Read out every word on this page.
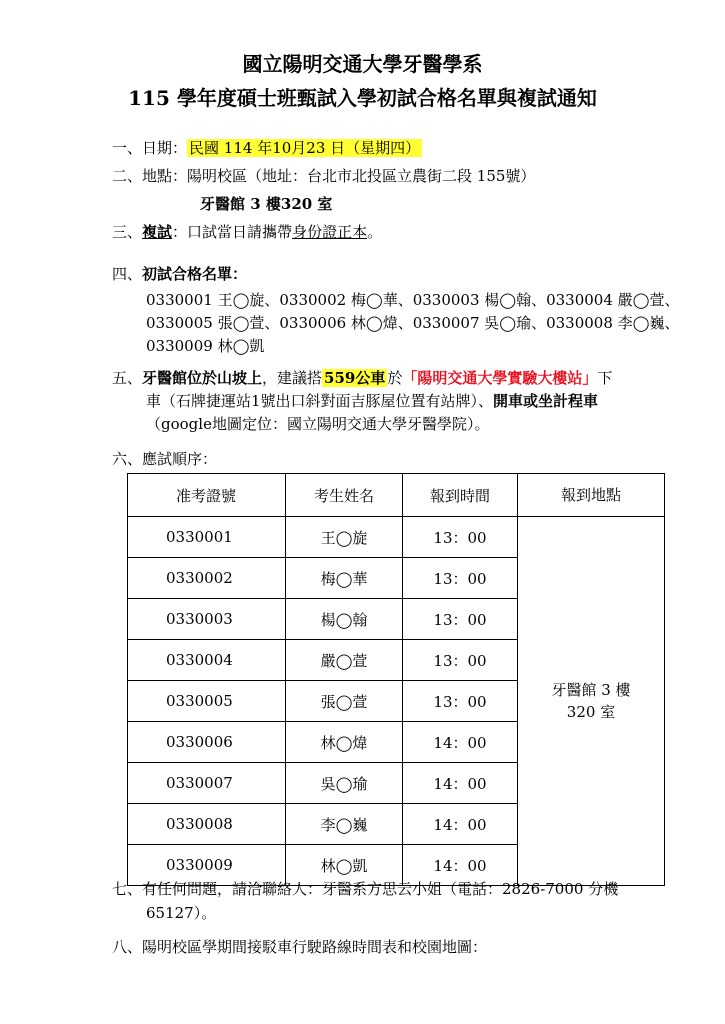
國立陽明交通大學牙醫學系
115 學年度碩士班甄試入學初試合格名單與複試通知
一、日期： 民國 114 年10月23 日（星期四）
二、地點：陽明校區（地址：台北市北投區立農街二段 155號）
牙醫館 3 樓320 室
三、複試：口試當日請攜帶身份證正本。
四、初試合格名單：
0330001 王◯旋、0330002 梅◯華、0330003 楊◯翰、0330004 嚴◯萱、
0330005 張◯萱、0330006 林◯煒、0330007 吳◯瑜、0330008 李◯巍、
0330009 林◯凱
五、牙醫館位於山坡上，建議搭 559公車 於「陽明交通大學實驗大樓站」下
車（石牌捷運站1號出口斜對面吉豚屋位置有站牌）、開車或坐計程車
（google地圖定位：國立陽明交通大學牙醫學院）。
六、應試順序：
准考證號	考生姓名	報到時間	報到地點
0330001	王◯旋	13：00	牙醫館 3 樓
320 室

0330002	梅◯華	13：00	
0330003	楊◯翰	13：00	
0330004	嚴◯萱	13：00	
0330005	張◯萱	13：00	
0330006	林◯煒	14：00	
0330007	吳◯瑜	14：00	
0330008	李◯巍	14：00	
0330009	林◯凱	14：00	
七、有任何問題，請洽聯絡人：牙醫系方思云小姐（電話：2826-7000 分機
65127）。
八、陽明校區學期間接駁車行駛路線時間表和校園地圖：
